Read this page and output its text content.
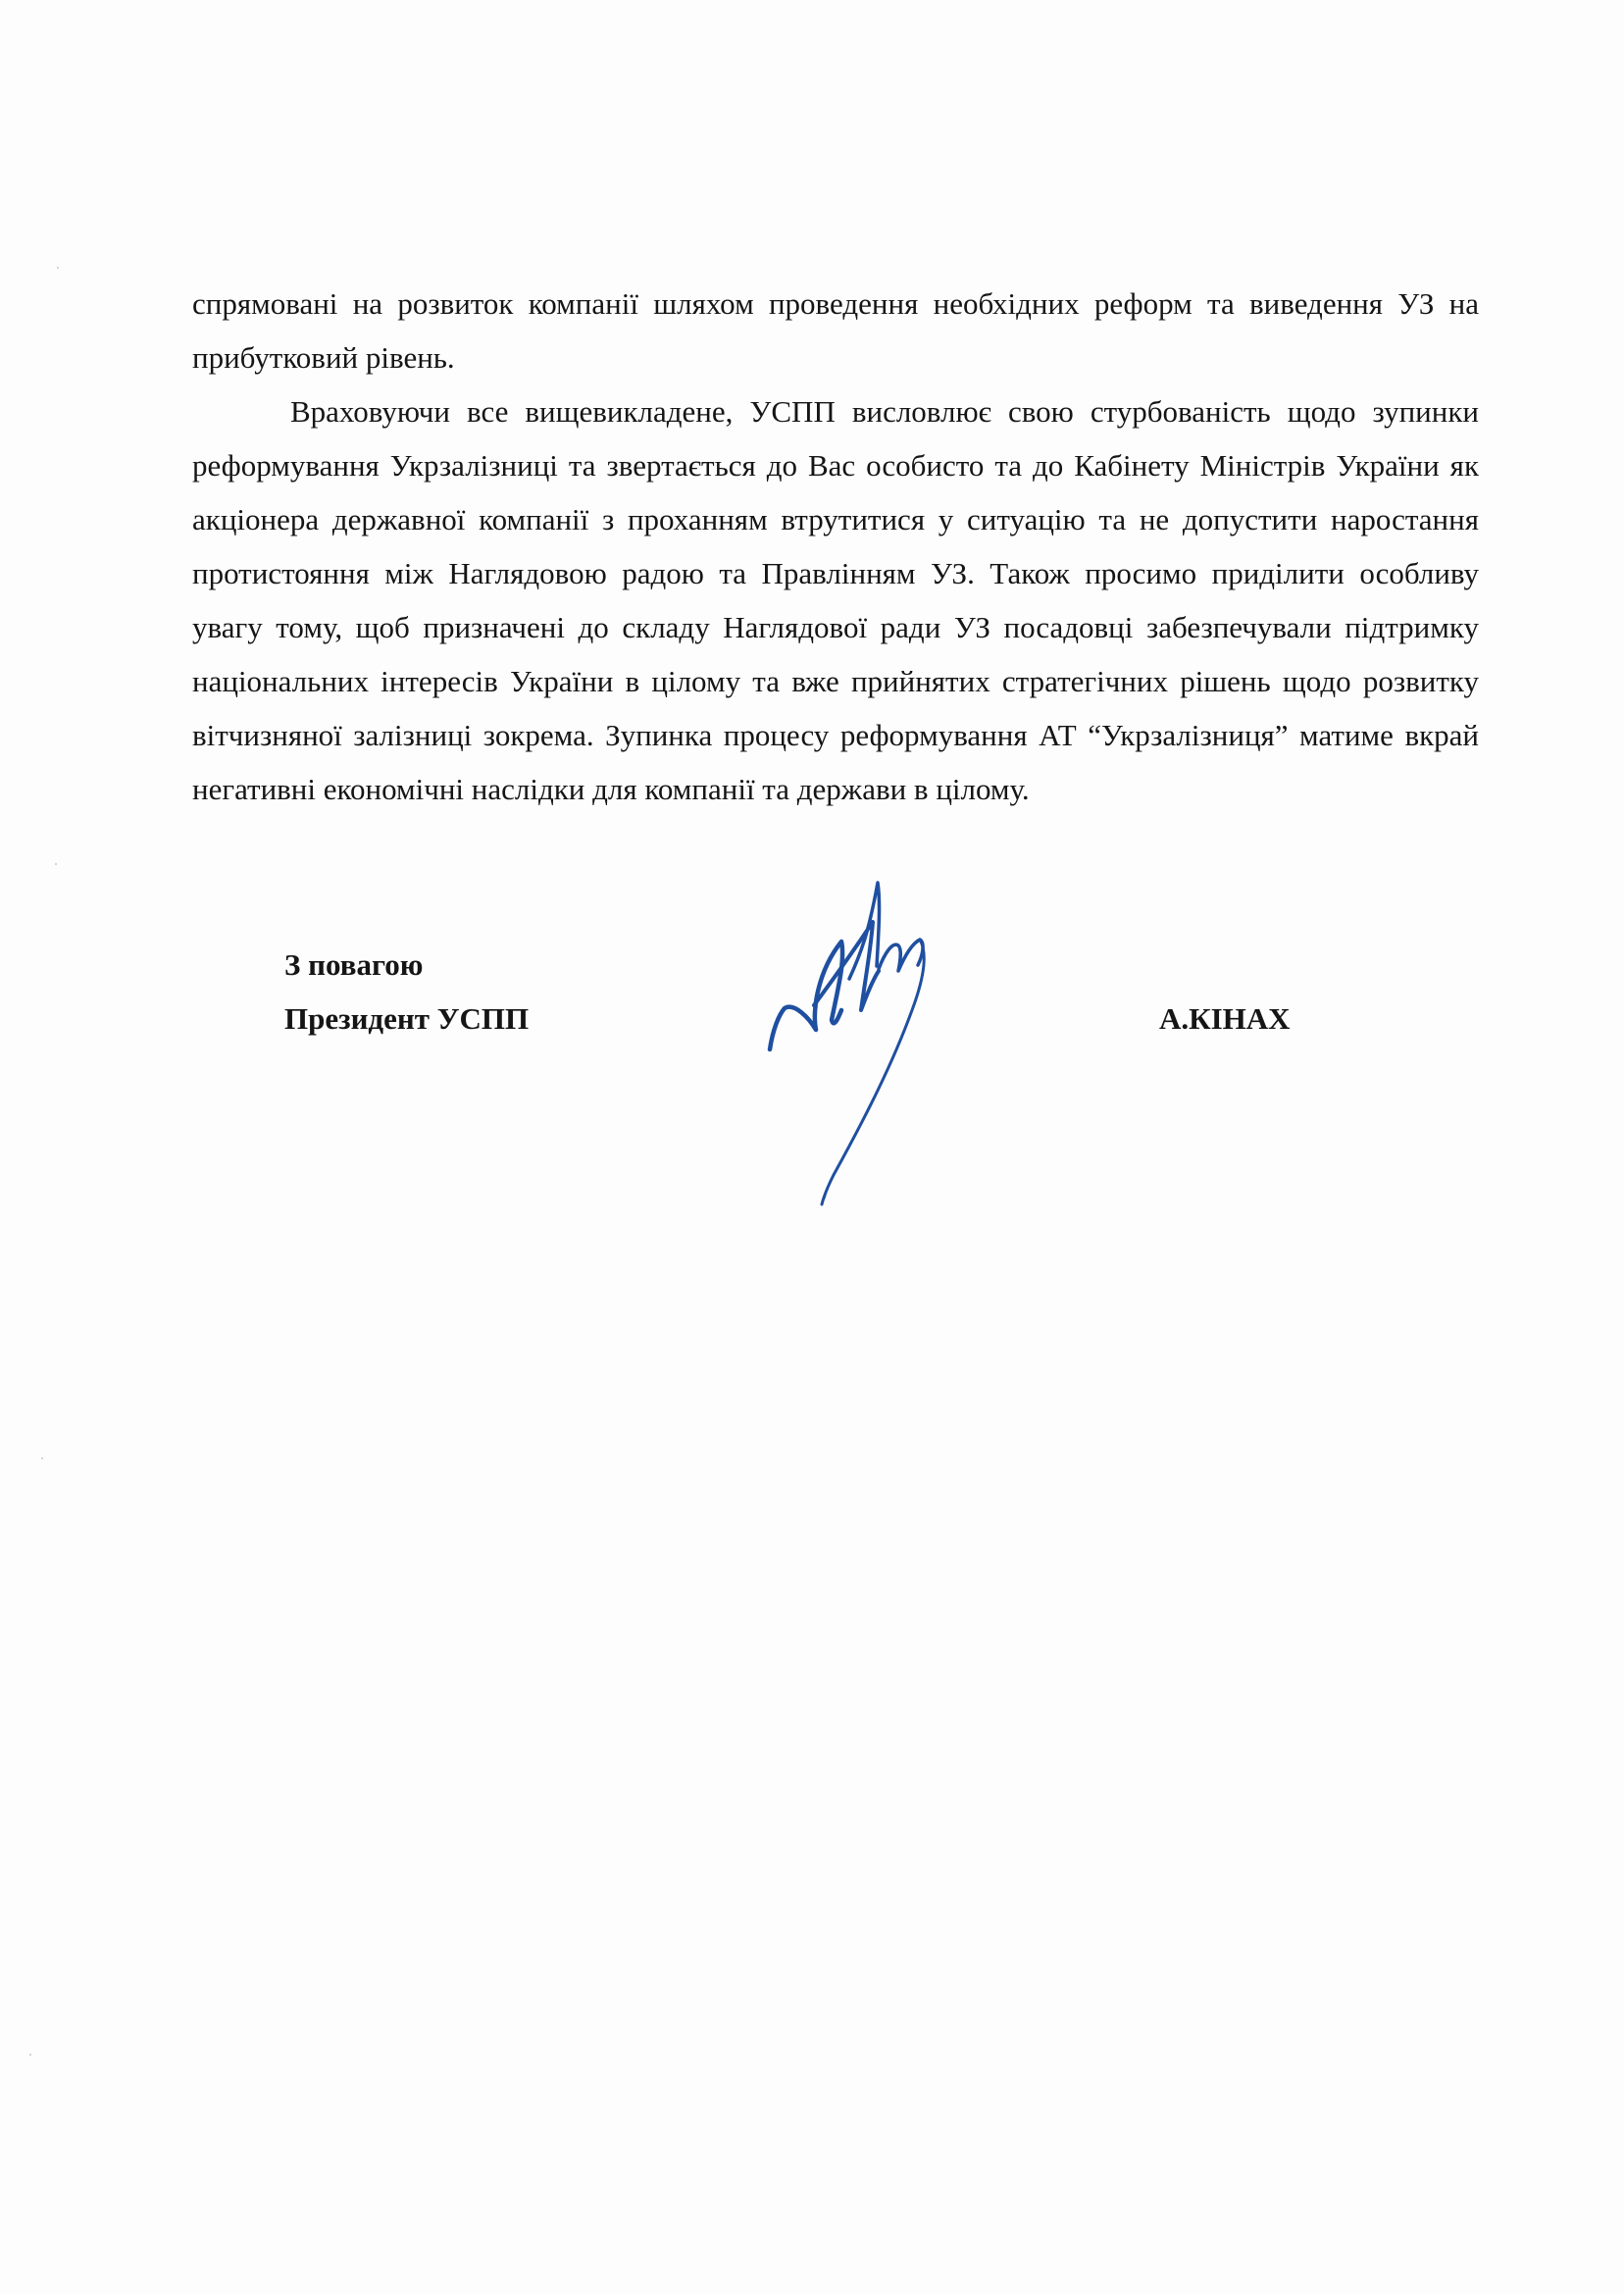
спрямовані на розвиток компанії шляхом проведення необхідних реформ та виведення УЗ на прибутковий рівень.

Враховуючи все вищевикладене, УСПП висловлює свою стурбованість щодо зупинки реформування Укрзалізниці та звертається до Вас особисто та до Кабінету Міністрів України як акціонера державної компанії з проханням втрутитися у ситуацію та не допустити наростання протистояння між Наглядовою радою та Правлінням УЗ. Також просимо приділити особливу увагу тому, щоб призначені до складу Наглядової ради УЗ посадовці забезпечували підтримку національних інтересів України в цілому та вже прийнятих стратегічних рішень щодо розвитку вітчизняної залізниці зокрема. Зупинка процесу реформування АТ “Укрзалізниця” матиме вкрай негативні економічні наслідки для компанії та держави в цілому.

З повагою
Президент УСПП	А.КІНАХ
